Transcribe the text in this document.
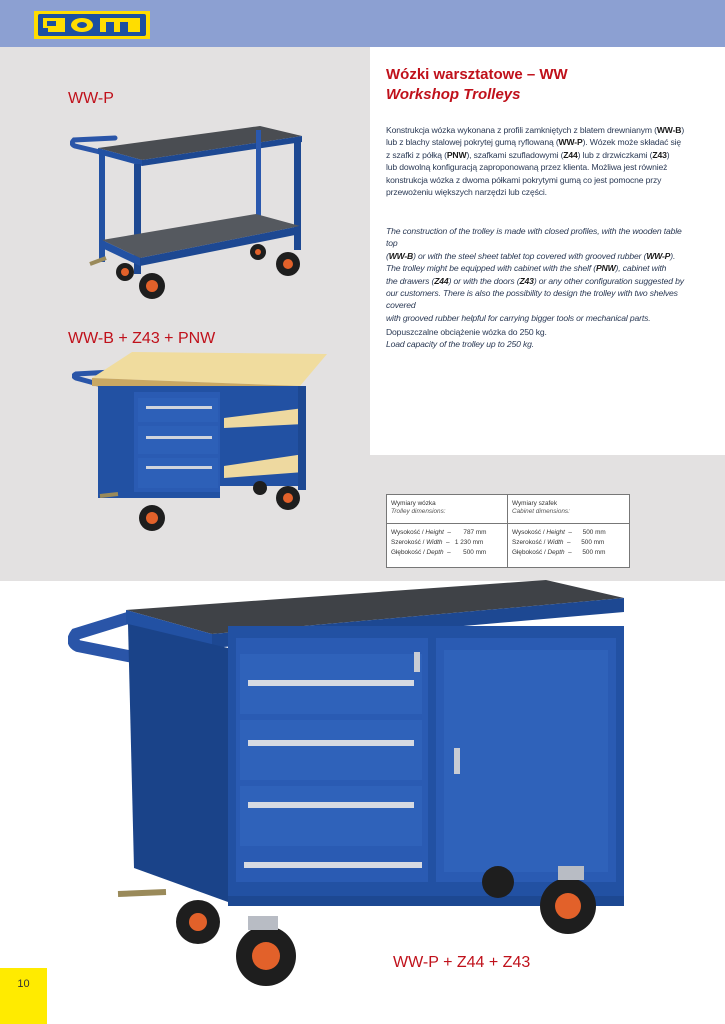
WW-P
WW-B + Z43 + PNW
WW-P + Z44 + Z43
Wózki warsztatowe – WW
Workshop Trolleys
Konstrukcja wózka wykonana z profili zamkniętych z blatem drewnianym (WW-B)
lub z blachy stalowej pokrytej gumą ryflowaną (WW-P). Wózek może składać się
z szafki z półką (PNW), szafkami szufladowymi (Z44) lub z drzwiczkami (Z43)
lub dowolną konfiguracją zaproponowaną przez klienta. Możliwa jest również
konstrukcja wózka z dwoma półkami pokrytymi gumą co jest pomocne przy
przewożeniu większych narzędzi lub części.
The construction of the trolley is made with closed profiles, with the wooden table top
(WW-B) or with the steel sheet tablet top covered with grooved rubber (WW-P).
The trolley might be equipped with cabinet with the shelf (PNW), cabinet with
the drawers (Z44) or with the doors (Z43) or any other configuration suggested by
our customers. There is also the possibility to design the trolley with two shelves covered
with grooved rubber helpful for carrying bigger tools or mechanical parts.
Dopuszczalne obciążenie wózka do 250 kg.
Load capacity of the trolley up to 250 kg.
Wymiary wózka
Trolley dimensions:
Wysokość / Height  –       787 mm
Szerokość / Width  –   1 230 mm
Głębokość / Depth  –       500 mm
Wymiary szafek
Cabinet dimensions:
Wysokość / Height  –      500 mm
Szerokość / Width  –      500 mm
Głębokość / Depth  –      500 mm
10
